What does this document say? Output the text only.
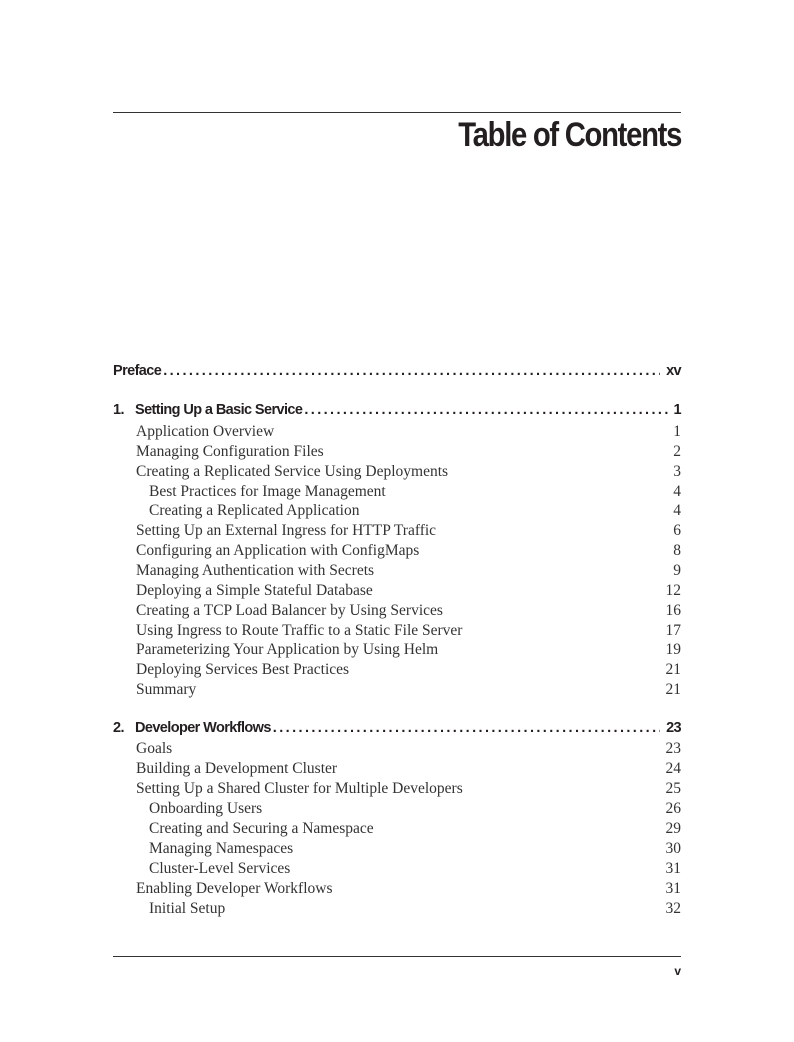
Table of Contents
Preface .....	xv
1. Setting Up a Basic Service .....	1
Application Overview	1
Managing Configuration Files	2
Creating a Replicated Service Using Deployments	3
Best Practices for Image Management	4
Creating a Replicated Application	4
Setting Up an External Ingress for HTTP Traffic	6
Configuring an Application with ConfigMaps	8
Managing Authentication with Secrets	9
Deploying a Simple Stateful Database	12
Creating a TCP Load Balancer by Using Services	16
Using Ingress to Route Traffic to a Static File Server	17
Parameterizing Your Application by Using Helm	19
Deploying Services Best Practices	21
Summary	21
2. Developer Workflows .....	23
Goals	23
Building a Development Cluster	24
Setting Up a Shared Cluster for Multiple Developers	25
Onboarding Users	26
Creating and Securing a Namespace	29
Managing Namespaces	30
Cluster-Level Services	31
Enabling Developer Workflows	31
Initial Setup	32
v
